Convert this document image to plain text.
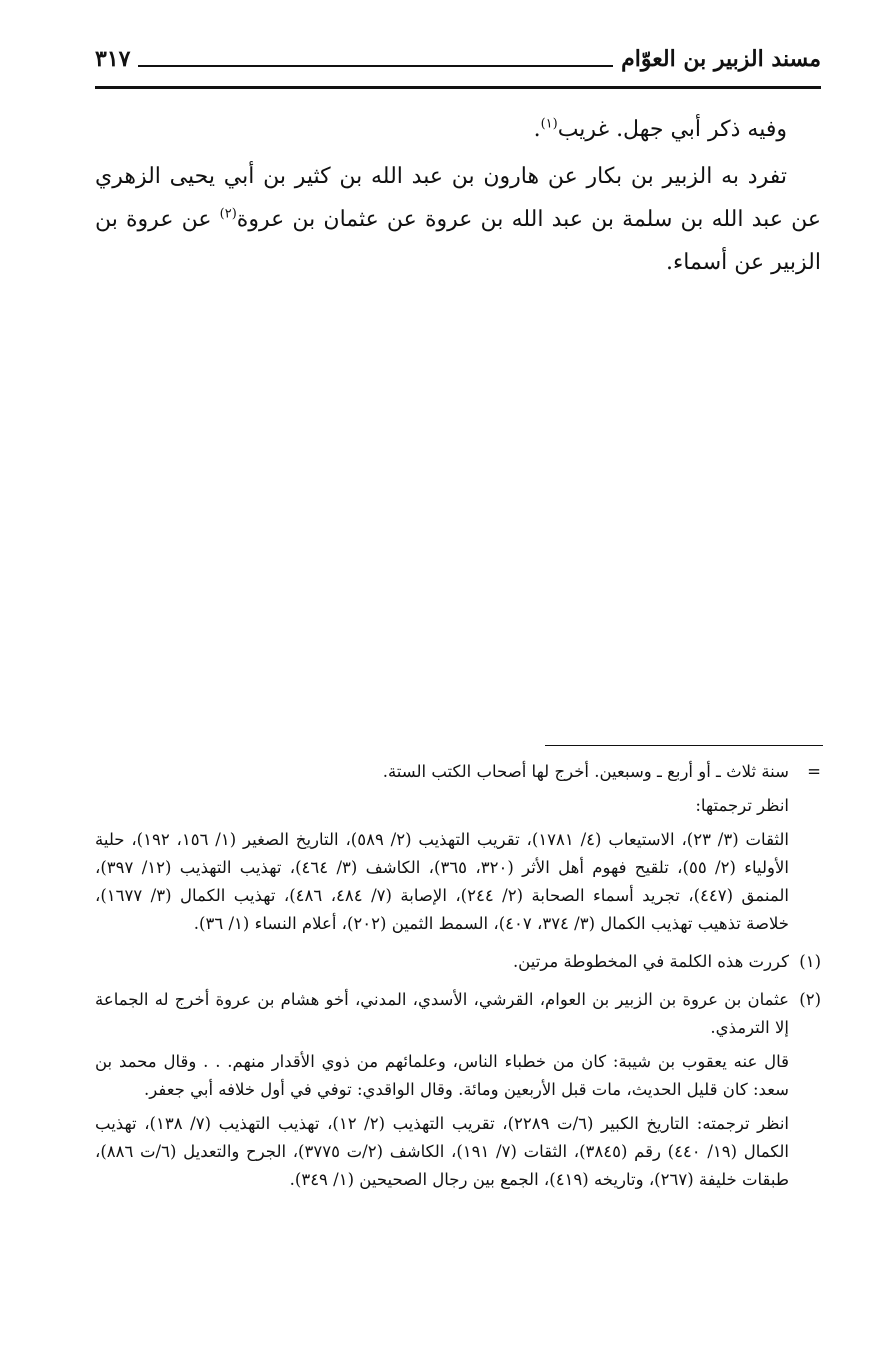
مسند الزبير بن العوّام
٣١٧

وفيه ذكر أبي جهل. غريب$^{(١)}$.

تفرد به الزبير بن بكار عن هارون بن عبد الله بن كثير بن أبي يحيى الزهري عن عبد الله بن سلمة بن عبد الله بن عروة عن عثمان بن عروة$^{(٢)}$ عن عروة بن الزبير عن أسماء.

=

سنة ثلاث ـ أو أربع ـ وسبعين. أخرج لها أصحاب الكتب الستة.

انظر ترجمتها:

الثقات (٣/ ٢٣)، الاستيعاب (٤/ ١٧٨١)، تقريب التهذيب (٢/ ٥٨٩)، التاريخ الصغير (١/ ١٥٦، ١٩٢)، حلية الأولياء (٢/ ٥٥)، تلقيح فهوم أهل الأثر (٣٢٠، ٣٦٥)، الكاشف (٣/ ٤٦٤)، تهذيب التهذيب (١٢/ ٣٩٧)، المنمق (٤٤٧)، تجريد أسماء الصحابة (٢/ ٢٤٤)، الإصابة (٧/ ٤٨٤، ٤٨٦)، تهذيب الكمال (٣/ ١٦٧٧)، خلاصة تذهيب تهذيب الكمال (٣/ ٣٧٤، ٤٠٧)، السمط الثمين (٢٠٢)، أعلام النساء (١/ ٣٦).

(١)

كررت هذه الكلمة في المخطوطة مرتين.

(٢)

عثمان بن عروة بن الزبير بن العوام، القرشي، الأسدي، المدني، أخو هشام بن عروة أخرج له الجماعة إلا الترمذي.

قال عنه يعقوب بن شيبة: كان من خطباء الناس، وعلمائهم من ذوي الأقدار منهم. . . وقال محمد بن سعد: كان قليل الحديث، مات قبل الأربعين ومائة. وقال الواقدي: توفي في أول خلافه أبي جعفر.

انظر ترجمته: التاريخ الكبير (٦/ت ٢٢٨٩)، تقريب التهذيب (٢/ ١٢)، تهذيب التهذيب (٧/ ١٣٨)، تهذيب الكمال (١٩/ ٤٤٠) رقم (٣٨٤٥)، الثقات (٧/ ١٩١)، الكاشف (٢/ت ٣٧٧٥)، الجرح والتعديل (٦/ت ٨٨٦)، طبقات خليفة (٢٦٧)، وتاريخه (٤١٩)، الجمع بين رجال الصحيحين (١/ ٣٤٩).
